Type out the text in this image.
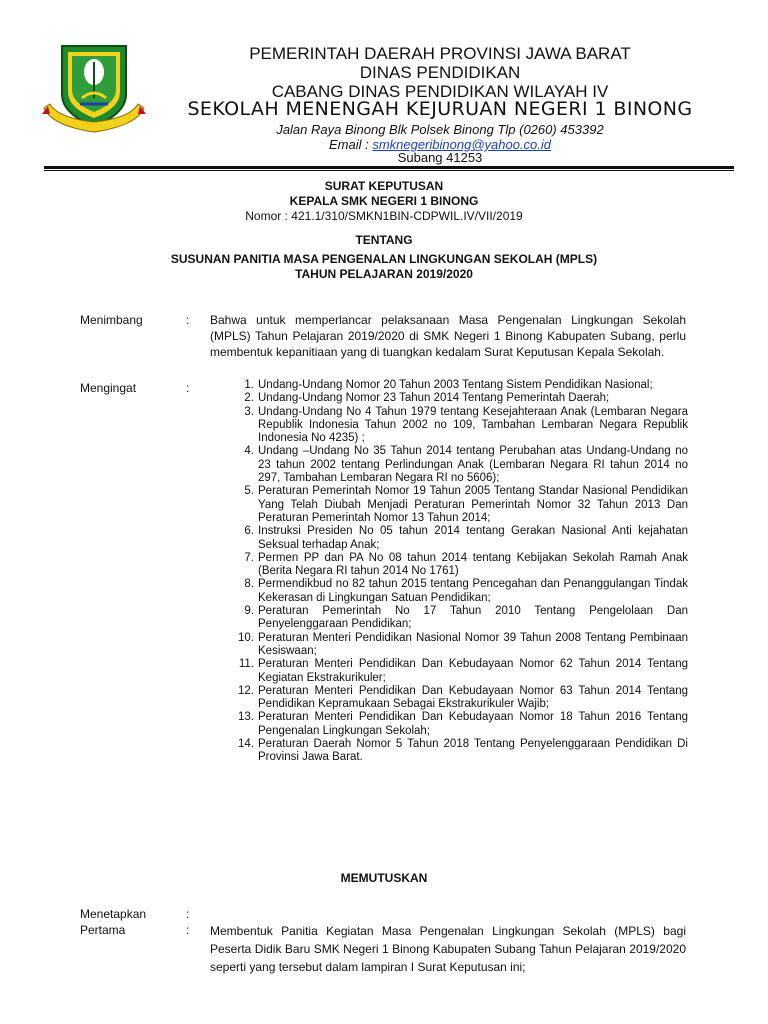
PEMERINTAH DAERAH PROVINSI JAWA BARAT
DINAS PENDIDIKAN
CABANG DINAS PENDIDIKAN WILAYAH IV
SEKOLAH MENENGAH KEJURUAN NEGERI 1 BINONG
Jalan Raya Binong Blk Polsek Binong Tlp (0260) 453392
Email : smknegeribinong@yahoo.co.id
Subang 41253
SURAT KEPUTUSAN
KEPALA SMK NEGERI 1 BINONG
Nomor : 421.1/310/SMKN1BIN-CDPWIL.IV/VII/2019
TENTANG
SUSUNAN PANITIA MASA PENGENALAN LINGKUNGAN SEKOLAH (MPLS)
TAHUN PELAJARAN 2019/2020
Menimbang	: Bahwa untuk memperlancar pelaksanaan Masa Pengenalan Lingkungan Sekolah (MPLS) Tahun Pelajaran 2019/2020 di SMK Negeri 1 Binong Kabupaten Subang, perlu membentuk kepanitiaan yang di tuangkan kedalam Surat Keputusan Kepala Sekolah.
Mengingat	:	1. Undang-Undang Nomor 20 Tahun 2003 Tentang Sistem Pendidikan Nasional;
2. Undang-Undang Nomor 23 Tahun 2014 Tentang Pemerintah Daerah;
3. Undang-Undang No 4 Tahun 1979 tentang Kesejahteraan Anak (Lembaran Negara Republik Indonesia Tahun 2002 no 109, Tambahan Lembaran Negara Republik Indonesia No 4235) ;
4. Undang –Undang No 35 Tahun 2014 tentang Perubahan atas Undang-Undang no 23 tahun 2002 tentang Perlindungan Anak (Lembaran Negara RI tahun 2014 no 297, Tambahan Lembaran Negara RI no 5606);
5. Peraturan Pemerintah Nomor 19 Tahun 2005 Tentang Standar Nasional Pendidikan Yang Telah Diubah Menjadi Peraturan Pemerintah Nomor 32 Tahun 2013 Dan Peraturan Pemerintah Nomor 13 Tahun 2014;
6. Instruksi Presiden No 05 tahun 2014 tentang Gerakan Nasional Anti kejahatan Seksual terhadap Anak;
7. Permen PP dan PA No 08 tahun 2014 tentang Kebijakan Sekolah Ramah Anak (Berita Negara RI tahun 2014 No 1761)
8. Permendikbud no 82 tahun 2015 tentang Pencegahan dan Penanggulangan Tindak Kekerasan di Lingkungan Satuan Pendidikan;
9. Peraturan Pemerintah No 17 Tahun 2010 Tentang Pengelolaan Dan Penyelenggaraan Pendidikan;
10. Peraturan Menteri Pendidikan Nasional Nomor 39 Tahun 2008 Tentang Pembinaan Kesiswaan;
11. Peraturan Menteri Pendidikan Dan Kebudayaan Nomor 62 Tahun 2014 Tentang Kegiatan Ekstrakurikuler;
12. Peraturan Menteri Pendidikan Dan Kebudayaan Nomor 63 Tahun 2014 Tentang Pendidikan Kepramukaan Sebagai Ekstrakurikuler Wajib;
13. Peraturan Menteri Pendidikan Dan Kebudayaan Nomor 18 Tahun 2016 Tentang Pengenalan Lingkungan Sekolah;
14. Peraturan Daerah Nomor 5 Tahun 2018 Tentang Penyelenggaraan Pendidikan Di Provinsi Jawa Barat.
MEMUTUSKAN
Menetapkan	:
Pertama	: Membentuk Panitia Kegiatan Masa Pengenalan Lingkungan Sekolah (MPLS) bagi Peserta Didik Baru SMK Negeri 1 Binong Kabupaten Subang Tahun Pelajaran 2019/2020 seperti yang tersebut dalam lampiran I Surat Keputusan ini;
